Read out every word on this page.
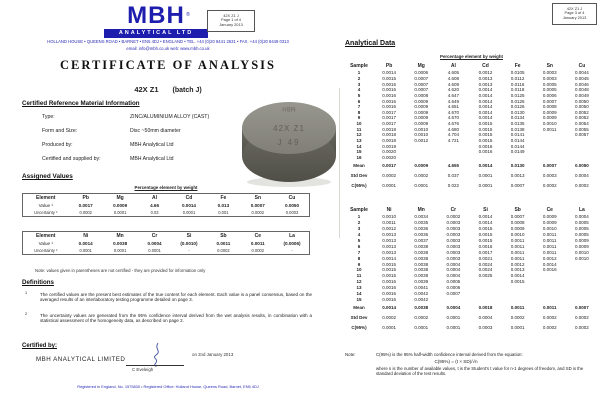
MBH ®
ANALYTICAL LTD
42X Z1 J
Page 1 of 4
January 2013
42X Z1 J
Page 3 of 4
January 2013
HOLLAND HOUSE • QUEENS ROAD • BARNET • EN5 4DJ • ENGLAND • TEL. +44 (0)20 8441 2631 • FAX. +44 (0)20 8449 0313
email: info@mbh.co.uk web: www.mbh.co.uk
CERTIFICATE OF ANALYSIS
42X Z1 (batch J)
Certified Reference Material Information
Type:	ZINC/ALUMINIUM ALLOY (CAST)
Form and Size:	Disc ~50mm diameter
Produced by:	MBH Analytical Ltd
Certified and supplied by:	MBH Analytical Ltd
MBH
42X Z1
J 49
Assigned Values
Percentage element by weight
Element	Pb	Mg	Al	Cd	Fe	Sn	Cu
Value ¹	0.0017	0.0009	4.66	0.0014	0.013	0.0007	0.0050
Uncertainty ²	0.0002	0.0001	0.03	0.0001	0.001	0.0002	0.0003
Element	Ni	Mn	Cr	Si	Sb	Ce	La
Value ¹	0.0014	0.0038	0.0004	(0.0010)	0.0011	0.0011	(0.0006)
Uncertainty ²	0.0001	0.0001	0.0001	-	0.0002	0.0002	-
Note: values given in parentheses are not certified - they are provided for information only
Definitions
1	The certified values are the present best estimates of the true content for each element. Each value is a panel consensus, based on the averaged results of an interlaboratory testing programme detailed on page 3.
2	The uncertainty values are generated from the 95% confidence interval derived from the wet analysis results, in combination with a statistical assessment of the homogeneity data, as described on page 2.
Certified by:
MBH ANALYTICAL LIMITED
C Eveleigh
on 2nd January 2013
Registered in England, No. 1575830 • Registered Office: Holland House, Queens Road, Barnet, EN5 4DJ
Analytical Data
Percentage element by weight
Sample	Pb	Mg	Al	Cd	Fe	Sn	Cu
1	0.0014	0.0006	4.605	0.0012	0.0105	0.0003	0.0044
2	0.0015	0.0007	4.608	0.0013	0.0112	0.0003	0.0045
3	0.0015	0.0007	4.609	0.0013	0.0116	0.0005	0.0046
4	0.0016	0.0007	4.620	0.0014	0.0118	0.0005	0.0048
5	0.0016	0.0008	4.647	0.0014	0.0125	0.0006	0.0049
6	0.0016	0.0009	4.649	0.0014	0.0126	0.0007	0.0050
7	0.0016	0.0009	4.651	0.0014	0.0126	0.0008	0.0050
8	0.0017	0.0009	4.670	0.0014	0.0130	0.0009	0.0052
9	0.0017	0.0009	4.670	0.0014	0.0134	0.0009	0.0052
10	0.0017	0.0009	4.676	0.0015	0.0135	0.0010	0.0054
11	0.0018	0.0010	4.680	0.0015	0.0138	0.0011	0.0055
12	0.0018	0.0010	4.704	0.0015	0.0141		0.0057
13	0.0018	0.0012	4.721	0.0015	0.0144		
14	0.0019			0.0016	0.0144		
15	0.0020			0.0016	0.0149		
16	0.0020						
Mean	0.0017	0.0009	4.655	0.0014	0.0130	0.0007	0.0050
Std Dev	0.0002	0.0002	0.037	0.0001	0.0013	0.0003	0.0004
C(95%)	0.0001	0.0001	0.022	0.0001	0.0007	0.0002	0.0002
Sample	Ni	Mn	Cr	Si	Sb	Ce	La
1	0.0010	0.0034	0.0002	0.0014	0.0007	0.0009	0.0004
2	0.0011	0.0035	0.0003	0.0014	0.0008	0.0009	0.0005
3	0.0012	0.0036	0.0003	0.0015	0.0009	0.0010	0.0005
4	0.0013	0.0036	0.0003	0.0015	0.0010	0.0011	0.0005
5	0.0013	0.0037	0.0003	0.0015	0.0011	0.0011	0.0009
6	0.0013	0.0038	0.0003	0.0016	0.0011	0.0011	0.0009
7	0.0013	0.0038	0.0003	0.0017	0.0011	0.0011	0.0010
8	0.0014	0.0038	0.0003	0.0021	0.0011	0.0012	0.0010
9	0.0015	0.0038	0.0004	0.0024	0.0012	0.0014	
10	0.0015	0.0038	0.0004	0.0024	0.0013	0.0016	
11	0.0015	0.0038	0.0004	0.0025	0.0014		
12	0.0016	0.0039	0.0005		0.0015		
13	0.0016	0.0041	0.0006				
14	0.0016	0.0042	0.0007				
15	0.0016	0.0042					
Mean	0.0014	0.0038	0.0004	0.0018	0.0011	0.0011	0.0007
Std Dev	0.0002	0.0002	0.0001	0.0004	0.0002	0.0002	0.0002
C(95%)	0.0001	0.0001	0.0001	0.0003	0.0001	0.0002	0.0002
Note:	C(95%) is the 95% half-width confidence interval derived from the equation:
C(95%) = (t × SD)/√n
where n is the number of available values, t is the Student's t value for n-1 degrees of freedom, and SD is the standard deviation of the test results.
